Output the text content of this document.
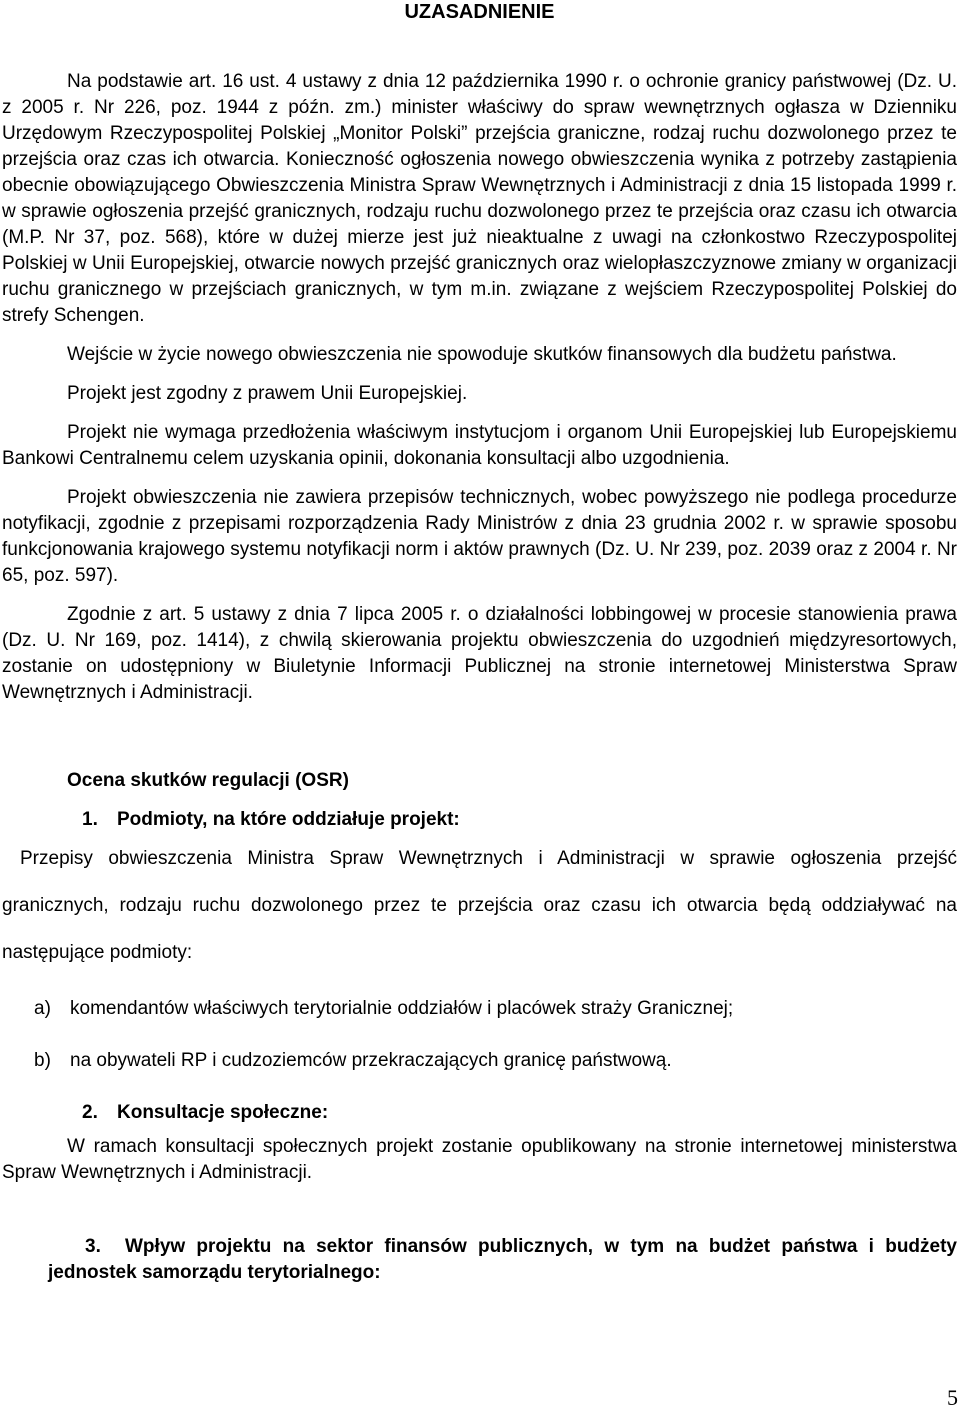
UZASADNIENIE

Na podstawie art. 16 ust. 4 ustawy z dnia 12 października 1990 r. o ochronie granicy państwowej (Dz. U. z 2005 r. Nr 226, poz. 1944 z późn. zm.) minister właściwy do spraw wewnętrznych ogłasza w Dzienniku Urzędowym Rzeczypospolitej Polskiej „Monitor Polski” przejścia graniczne, rodzaj ruchu dozwolonego przez te przejścia oraz czas ich otwarcia. Konieczność ogłoszenia nowego obwieszczenia wynika z potrzeby zastąpienia obecnie obowiązującego Obwieszczenia Ministra Spraw Wewnętrznych i Administracji z dnia 15 listopada 1999 r. w sprawie ogłoszenia przejść granicznych, rodzaju ruchu dozwolonego przez te przejścia oraz czasu ich otwarcia (M.P. Nr 37, poz. 568), które w dużej mierze jest już nieaktualne z uwagi na członkostwo Rzeczypospolitej Polskiej w Unii Europejskiej, otwarcie nowych przejść granicznych oraz wielopłaszczyznowe zmiany w organizacji ruchu granicznego w przejściach granicznych, w tym m.in. związane z wejściem Rzeczypospolitej Polskiej do strefy Schengen.

Wejście w życie nowego obwieszczenia nie spowoduje skutków finansowych dla budżetu państwa.

Projekt jest zgodny z prawem Unii Europejskiej.

Projekt nie wymaga przedłożenia właściwym instytucjom i organom Unii Europejskiej lub Europejskiemu Bankowi Centralnemu celem uzyskania opinii, dokonania konsultacji albo uzgodnienia.

Projekt obwieszczenia nie zawiera przepisów technicznych, wobec powyższego nie podlega procedurze notyfikacji, zgodnie z przepisami rozporządzenia Rady Ministrów z dnia 23 grudnia 2002 r. w sprawie sposobu funkcjonowania krajowego systemu notyfikacji norm i aktów prawnych (Dz. U. Nr 239, poz. 2039 oraz z 2004 r. Nr 65, poz. 597).

Zgodnie z art. 5 ustawy z dnia 7 lipca 2005 r. o działalności lobbingowej w procesie stanowienia prawa (Dz. U. Nr 169, poz. 1414), z chwilą skierowania projektu obwieszczenia do uzgodnień międzyresortowych, zostanie on udostępniony w Biuletynie Informacji Publicznej na stronie internetowej Ministerstwa Spraw Wewnętrznych i Administracji.

Ocena skutków regulacji (OSR)

1. Podmioty, na które oddziałuje projekt:

Przepisy obwieszczenia Ministra Spraw Wewnętrznych i Administracji w sprawie ogłoszenia przejść granicznych, rodzaju ruchu dozwolonego przez te przejścia oraz czasu ich otwarcia będą oddziaływać na następujące podmioty:

a) komendantów właściwych terytorialnie oddziałów i placówek straży Granicznej;

b) na obywateli RP i cudzoziemców przekraczających granicę państwową.

2. Konsultacje społeczne:

W ramach konsultacji społecznych projekt zostanie opublikowany na stronie internetowej ministerstwa Spraw Wewnętrznych i Administracji.

3. Wpływ projektu na sektor finansów publicznych, w tym na budżet państwa i budżety jednostek samorządu terytorialnego:

5
